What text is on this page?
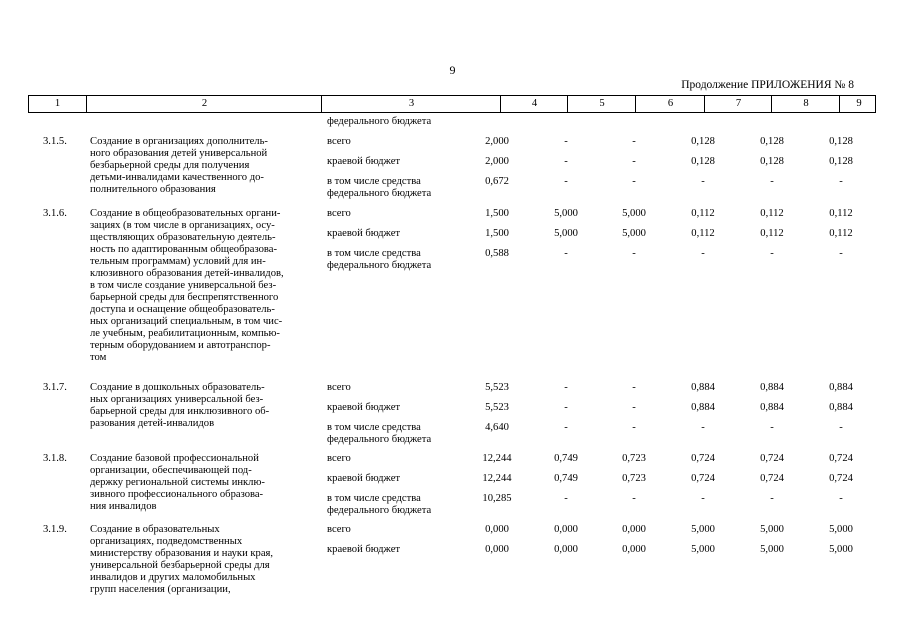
9
Продолжение ПРИЛОЖЕНИЯ № 8
1	2	3	4	5	6	7	8	9
федерального бюджета
3.1.5. Создание в организациях дополнитель-
ного образования детей универсальной
безбарьерной среды для получения
детьми-инвалидами качественного до-
полнительного образования
всего	2,000	-	-	0,128	0,128	0,128
краевой бюджет	2,000	-	-	0,128	0,128	0,128
в том числе средства
федерального бюджета
0,672	-	-	-	-	-
3.1.6. Создание в общеобразовательных органи-
зациях (в том числе в организациях, осу-
ществляющих образовательную деятель-
ность по адаптированным общеобразова-
тельным программам) условий для ин-
клюзивного образования детей-инвалидов,
в том числе создание универсальной без-
барьерной среды для беспрепятственного
доступа и оснащение общеобразователь-
ных организаций специальным, в том чис-
ле учебным, реабилитационным, компью-
терным оборудованием и автотранспор-
том
всего	1,500	5,000	5,000	0,112	0,112	0,112
краевой бюджет	1,500	5,000	5,000	0,112	0,112	0,112
в том числе средства
федерального бюджета
0,588	-	-	-	-	-
3.1.7. Создание в дошкольных образователь-
ных организациях универсальной без-
барьерной среды для инклюзивного об-
разования детей-инвалидов
всего	5,523	-	-	0,884	0,884	0,884
краевой бюджет	5,523	-	-	0,884	0,884	0,884
в том числе средства
федерального бюджета
4,640	-	-	-	-	-
3.1.8. Создание базовой профессиональной
организации, обеспечивающей под-
держку региональной системы инклю-
зивного профессионального образова-
ния инвалидов
всего	12,244	0,749	0,723	0,724	0,724	0,724
краевой бюджет	12,244	0,749	0,723	0,724	0,724	0,724
в том числе средства
федерального бюджета
10,285	-	-	-	-	-
3.1.9. Создание в образовательных
организациях, подведомственных
министерству образования и науки края,
универсальной безбарьерной среды для
инвалидов и других маломобильных
групп населения (организации,
всего	0,000	0,000	0,000	5,000	5,000	5,000
краевой бюджет	0,000	0,000	0,000	5,000	5,000	5,000
